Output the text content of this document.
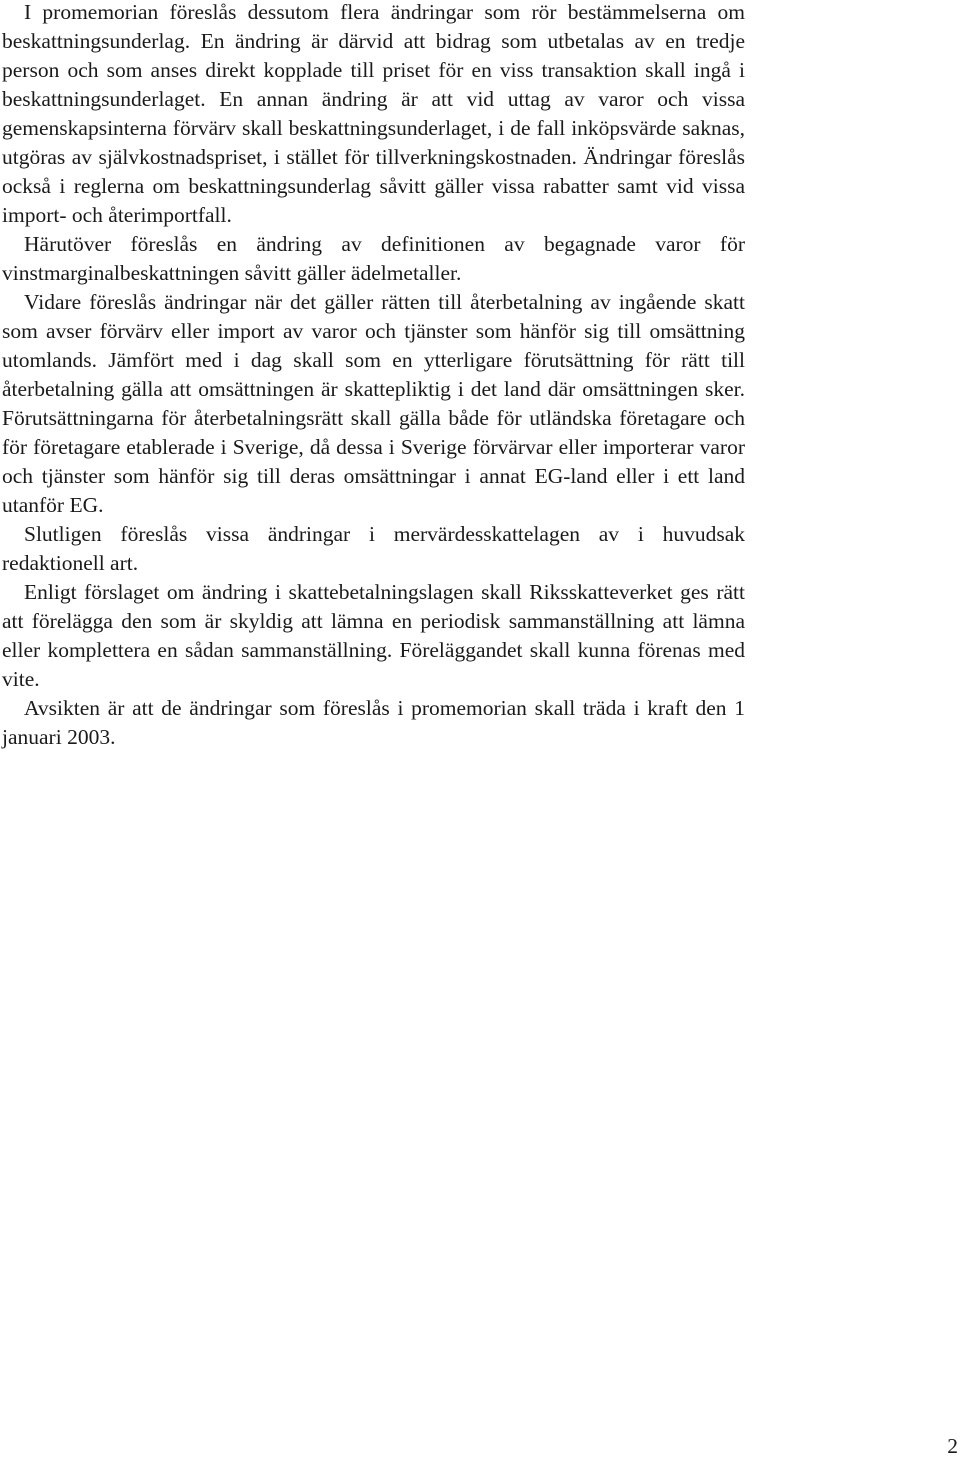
I promemorian föreslås dessutom flera ändringar som rör bestämmelserna om beskattningsunderlag. En ändring är därvid att bidrag som utbetalas av en tredje person och som anses direkt kopplade till priset för en viss transaktion skall ingå i beskattningsunderlaget. En annan ändring är att vid uttag av varor och vissa gemenskapsinterna förvärv skall beskattningsunderlaget, i de fall inköpsvärde saknas, utgöras av självkostnadspriset, i stället för tillverkningskostnaden. Ändringar föreslås också i reglerna om beskattningsunderlag såvitt gäller vissa rabatter samt vid vissa import- och återimportfall.

Härutöver föreslås en ändring av definitionen av begagnade varor för vinstmarginalbeskattningen såvitt gäller ädelmetaller.

Vidare föreslås ändringar när det gäller rätten till återbetalning av ingående skatt som avser förvärv eller import av varor och tjänster som hänför sig till omsättning utomlands. Jämfört med i dag skall som en ytterligare förutsättning för rätt till återbetalning gälla att omsättningen är skattepliktig i det land där omsättningen sker. Förutsättningarna för återbetalningsrätt skall gälla både för utländska företagare och för företagare etablerade i Sverige, då dessa i Sverige förvärvar eller importerar varor och tjänster som hänför sig till deras omsättningar i annat EG-land eller i ett land utanför EG.

Slutligen föreslås vissa ändringar i mervärdesskattelagen av i huvudsak redaktionell art.

Enligt förslaget om ändring i skattebetalningslagen skall Riksskatteverket ges rätt att förelägga den som är skyldig att lämna en periodisk sammanställning att lämna eller komplettera en sådan sammanställning. Föreläggandet skall kunna förenas med vite.

Avsikten är att de ändringar som föreslås i promemorian skall träda i kraft den 1 januari 2003.

2
